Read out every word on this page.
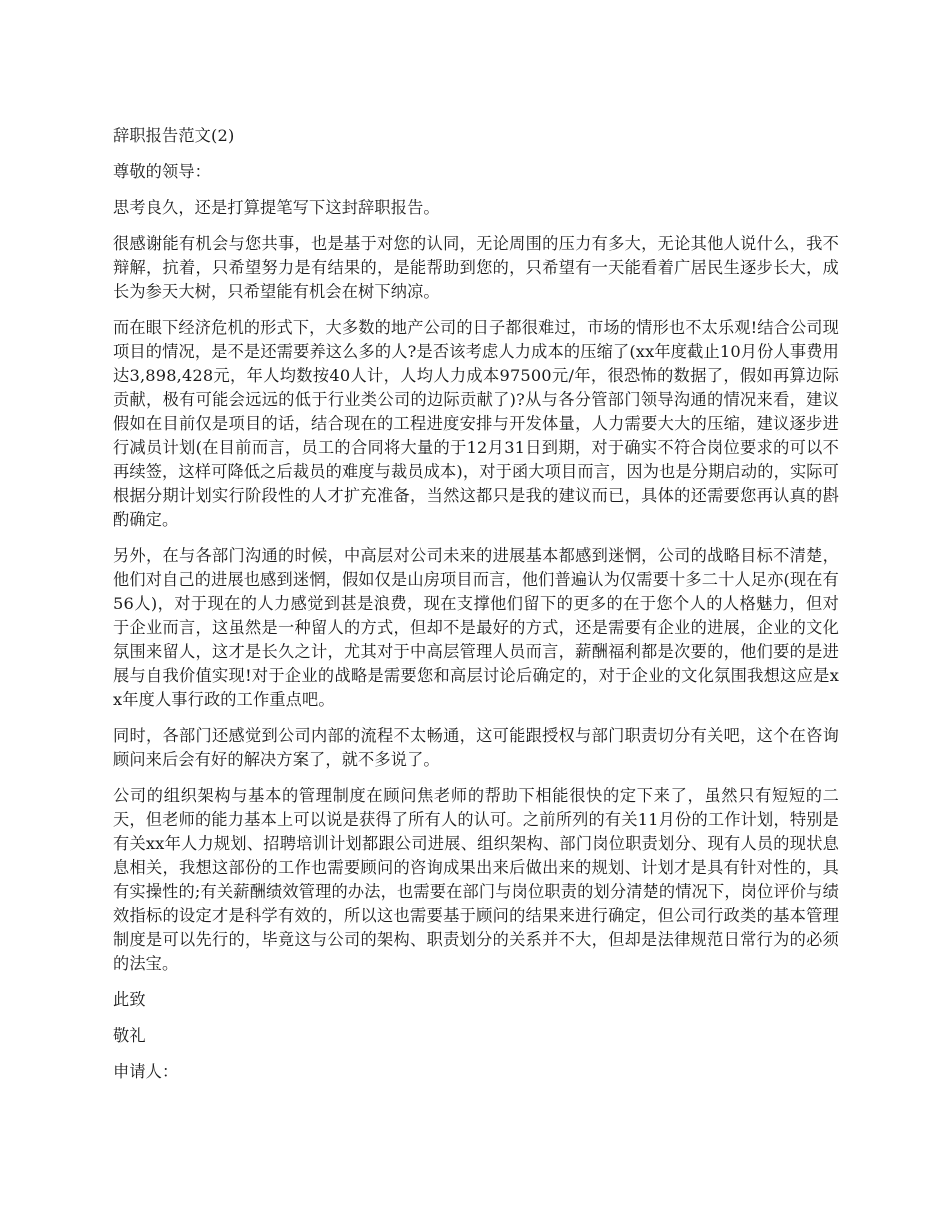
辞职报告范文(2)

尊敬的领导：

思考良久，还是打算提笔写下这封辞职报告。

很感谢能有机会与您共事，也是基于对您的认同，无论周围的压力有多大，无论其他人说什么，我不辩解，抗着，只希望努力是有结果的，是能帮助到您的，只希望有一天能看着广居民生逐步长大，成长为参天大树，只希望能有机会在树下纳凉。

而在眼下经济危机的形式下，大多数的地产公司的日子都很难过，市场的情形也不太乐观!结合公司现项目的情况，是不是还需要养这么多的人?是否该考虑人力成本的压缩了(xx年度截止10月份人事费用达3,898,428元，年人均数按40人计，人均人力成本97500元/年，很恐怖的数据了，假如再算边际贡献，极有可能会远远的低于行业类公司的边际贡献了)?从与各分管部门领导沟通的情况来看，建议假如在目前仅是项目的话，结合现在的工程进度安排与开发体量，人力需要大大的压缩，建议逐步进行减员计划(在目前而言，员工的合同将大量的于12月31日到期，对于确实不符合岗位要求的可以不再续签，这样可降低之后裁员的难度与裁员成本)，对于函大项目而言，因为也是分期启动的，实际可根据分期计划实行阶段性的人才扩充准备，当然这都只是我的建议而已，具体的还需要您再认真的斟酌确定。

另外，在与各部门沟通的时候，中高层对公司未来的进展基本都感到迷惘，公司的战略目标不清楚，他们对自己的进展也感到迷惘，假如仅是山房项目而言，他们普遍认为仅需要十多二十人足亦(现在有56人)，对于现在的人力感觉到甚是浪费，现在支撑他们留下的更多的在于您个人的人格魅力，但对于企业而言，这虽然是一种留人的方式，但却不是最好的方式，还是需要有企业的进展，企业的文化氛围来留人，这才是长久之计，尤其对于中高层管理人员而言，薪酬福利都是次要的，他们要的是进展与自我价值实现!对于企业的战略是需要您和高层讨论后确定的，对于企业的文化氛围我想这应是xx年度人事行政的工作重点吧。

同时，各部门还感觉到公司内部的流程不太畅通，这可能跟授权与部门职责切分有关吧，这个在咨询顾问来后会有好的解决方案了，就不多说了。

公司的组织架构与基本的管理制度在顾问焦老师的帮助下相能很快的定下来了，虽然只有短短的二天，但老师的能力基本上可以说是获得了所有人的认可。之前所列的有关11月份的工作计划，特别是有关xx年人力规划、招聘培训计划都跟公司进展、组织架构、部门岗位职责划分、现有人员的现状息息相关，我想这部份的工作也需要顾问的咨询成果出来后做出来的规划、计划才是具有针对性的，具有实操性的;有关薪酬绩效管理的办法，也需要在部门与岗位职责的划分清楚的情况下，岗位评价与绩效指标的设定才是科学有效的，所以这也需要基于顾问的结果来进行确定，但公司行政类的基本管理制度是可以先行的，毕竟这与公司的架构、职责划分的关系并不大，但却是法律规范日常行为的必须的法宝。

此致

敬礼

申请人：
